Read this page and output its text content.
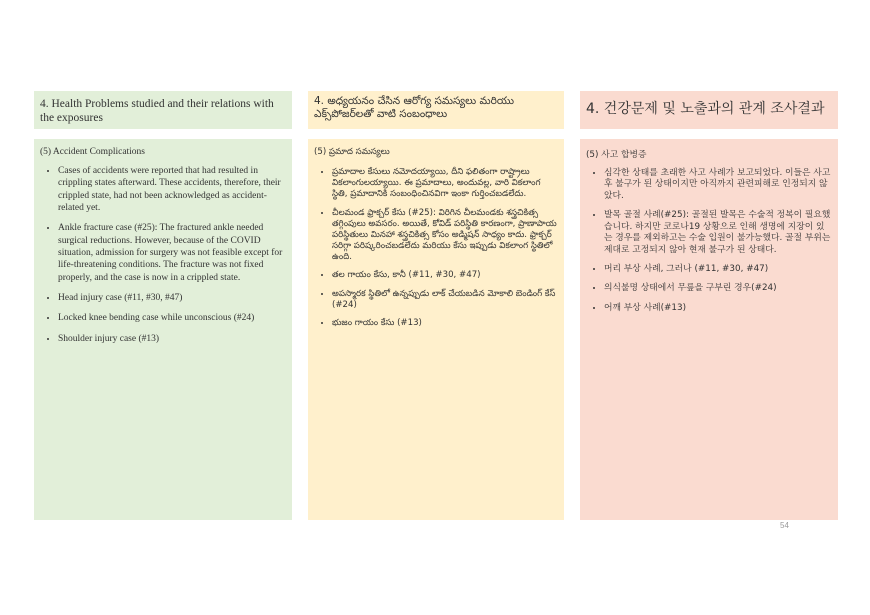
4. Health Problems studied and their relations with the exposures
(5) Accident Complications
• Cases of accidents were reported that had resulted in crippling states afterward. These accidents, therefore, their crippled state, had not been acknowledged as accident-related yet.
• Ankle fracture case (#25): The fractured ankle needed surgical reductions. However, because of the COVID situation, admission for surgery was not feasible except for life-threatening conditions. The fracture was not fixed properly, and the case is now in a crippled state.
• Head injury case (#11, #30, #47)
• Locked knee bending case while unconscious (#24)
• Shoulder injury case (#13)
4. అధ్యయనం చేసిన ఆరోగ్య సమస్యలు మరియు ఎక్స్‌పోజర్‌లతో వాటి సంబంధాలు
(5) ప్రమాద సమస్యలు
• ప్రమాదాల కేసులు నమోదయ్యాయి, దీని ఫలితంగా రాష్ట్రాలు వికలాంగులయ్యాయి. ఈ ప్రమాదాలు, అందువల్ల, వారి వికలాంగ స్థితి, ప్రమాదానికి సంబంధించినవిగా ఇంకా గుర్తించబడలేదు.
• చీలమండ ఫ్రాక్చర్ కేసు (#25): విరిగిన చీలమండకు శస్త్రచికిత్స తగ్గింపులు అవసరం. అయితే, కోవిడ్ పరిస్థితి కారణంగా, ప్రాణాపాయ పరిస్థితులు మినహా శస్త్రచికిత్స కోసం అడ్మిషన్ సాధ్యం కాదు. ఫ్రాక్చర్ సరిగ్గా పరిష్కరించబడలేదు మరియు కేసు ఇప్పుడు వికలాంగ స్థితిలో ఉంది.
• తల గాయం కేసు, కానీ (#11, #30, #47)
• అపస్మారక స్థితిలో ఉన్నప్పుడు లాక్ చేయబడిన మోకాలి బెండింగ్ కేస్ (#24)
• భుజం గాయం కేసు (#13)
4. 건강문제 및 노출과의 관계 조사결과
(5) 사고 합병증
• 심각한 상태를 초래한 사고 사례가 보고되었다. 이들은 사고 후 불구가 된 상태이지만 아직까지 관련피해로 인정되지 않았다.
• 발목 골절 사례(#25): 골절된 발목은 수술적 정복이 필요했습니다. 하지만 코로나19 상황으로 인해 생명에 지장이 있는 경우를 제외하고는 수술 입원이 불가능했다. 골절 부위는 제대로 고정되지 않아 현재 불구가 된 상태다.
• 머리 부상 사례, 그러나 (#11, #30, #47)
• 의식불명 상태에서 무릎을 구부린 경우(#24)
• 어깨 부상 사례(#13)
54
